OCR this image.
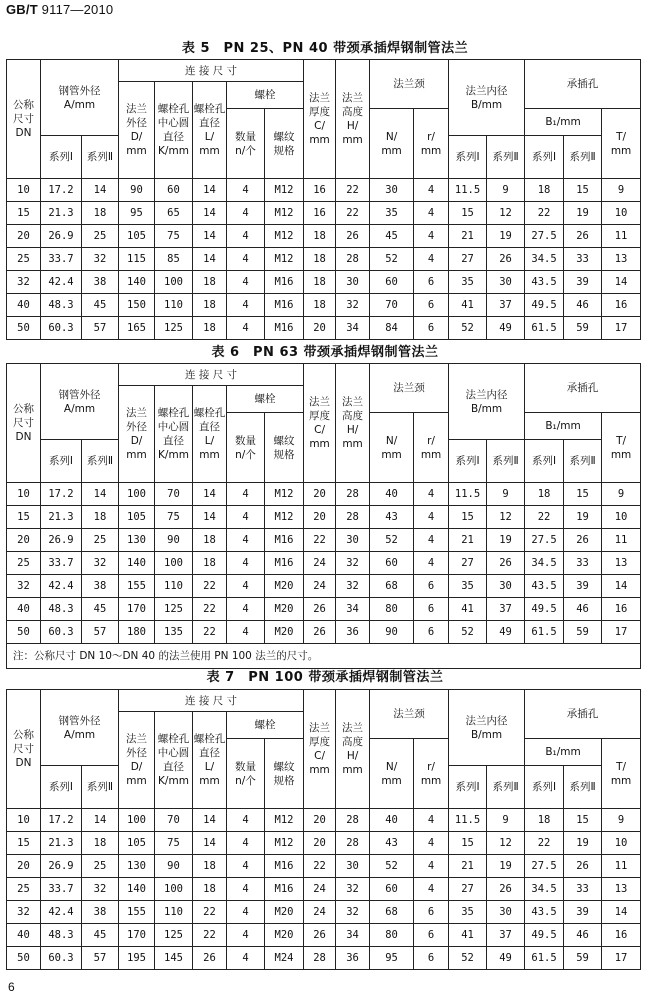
GB/T 9117—2010
表 5　PN 25、PN 40 带颈承插焊钢制管法兰
表 6　PN 63 带颈承插焊钢制管法兰
表 7　PN 100 带颈承插焊钢制管法兰
公称
尺寸
DN	钢管外径
A/mm		连 接 尺 寸					法兰
厚度
C/
mm	法兰
高度
H/
mm	法兰颈		法兰内径
B/mm		承插孔		
			法兰
外径
D/
mm	螺栓孔
中心圆
直径
K/mm	螺栓孔
直径
L/
mm	螺栓										
						数量
n/个	螺纹
规格			N/
mm	r/
mm			B₁/mm		T/
mm
	系列Ⅰ	系列Ⅱ										系列Ⅰ	系列Ⅱ	系列Ⅰ	系列Ⅱ	
10	17.2	14	90	60	14	4	M12	16	22	30	4	11.5	9	18	15	9
15	21.3	18	95	65	14	4	M12	16	22	35	4	15	12	22	19	10
20	26.9	25	105	75	14	4	M12	18	26	45	4	21	19	27.5	26	11
25	33.7	32	115	85	14	4	M12	18	28	52	4	27	26	34.5	33	13
32	42.4	38	140	100	18	4	M16	18	30	60	6	35	30	43.5	39	14
40	48.3	45	150	110	18	4	M16	18	32	70	6	41	37	49.5	46	16
50	60.3	57	165	125	18	4	M16	20	34	84	6	52	49	61.5	59	17
公称
尺寸
DN	钢管外径
A/mm		连 接 尺 寸					法兰
厚度
C/
mm	法兰
高度
H/
mm	法兰颈		法兰内径
B/mm		承插孔		
			法兰
外径
D/
mm	螺栓孔
中心圆
直径
K/mm	螺栓孔
直径
L/
mm	螺栓										
						数量
n/个	螺纹
规格			N/
mm	r/
mm			B₁/mm		T/
mm
	系列Ⅰ	系列Ⅱ										系列Ⅰ	系列Ⅱ	系列Ⅰ	系列Ⅱ	
10	17.2	14	100	70	14	4	M12	20	28	40	4	11.5	9	18	15	9
15	21.3	18	105	75	14	4	M12	20	28	43	4	15	12	22	19	10
20	26.9	25	130	90	18	4	M16	22	30	52	4	21	19	27.5	26	11
25	33.7	32	140	100	18	4	M16	24	32	60	4	27	26	34.5	33	13
32	42.4	38	155	110	22	4	M20	24	32	68	6	35	30	43.5	39	14
40	48.3	45	170	125	22	4	M20	26	34	80	6	41	37	49.5	46	16
50	60.3	57	180	135	22	4	M20	26	36	90	6	52	49	61.5	59	17
注：公称尺寸 DN 10～DN 40 的法兰使用 PN 100 法兰的尺寸。																
公称
尺寸
DN	钢管外径
A/mm		连 接 尺 寸					法兰
厚度
C/
mm	法兰
高度
H/
mm	法兰颈		法兰内径
B/mm		承插孔		
			法兰
外径
D/
mm	螺栓孔
中心圆
直径
K/mm	螺栓孔
直径
L/
mm	螺栓										
						数量
n/个	螺纹
规格			N/
mm	r/
mm			B₁/mm		T/
mm
	系列Ⅰ	系列Ⅱ										系列Ⅰ	系列Ⅱ	系列Ⅰ	系列Ⅱ	
10	17.2	14	100	70	14	4	M12	20	28	40	4	11.5	9	18	15	9
15	21.3	18	105	75	14	4	M12	20	28	43	4	15	12	22	19	10
20	26.9	25	130	90	18	4	M16	22	30	52	4	21	19	27.5	26	11
25	33.7	32	140	100	18	4	M16	24	32	60	4	27	26	34.5	33	13
32	42.4	38	155	110	22	4	M20	24	32	68	6	35	30	43.5	39	14
40	48.3	45	170	125	22	4	M20	26	34	80	6	41	37	49.5	46	16
50	60.3	57	195	145	26	4	M24	28	36	95	6	52	49	61.5	59	17
6
